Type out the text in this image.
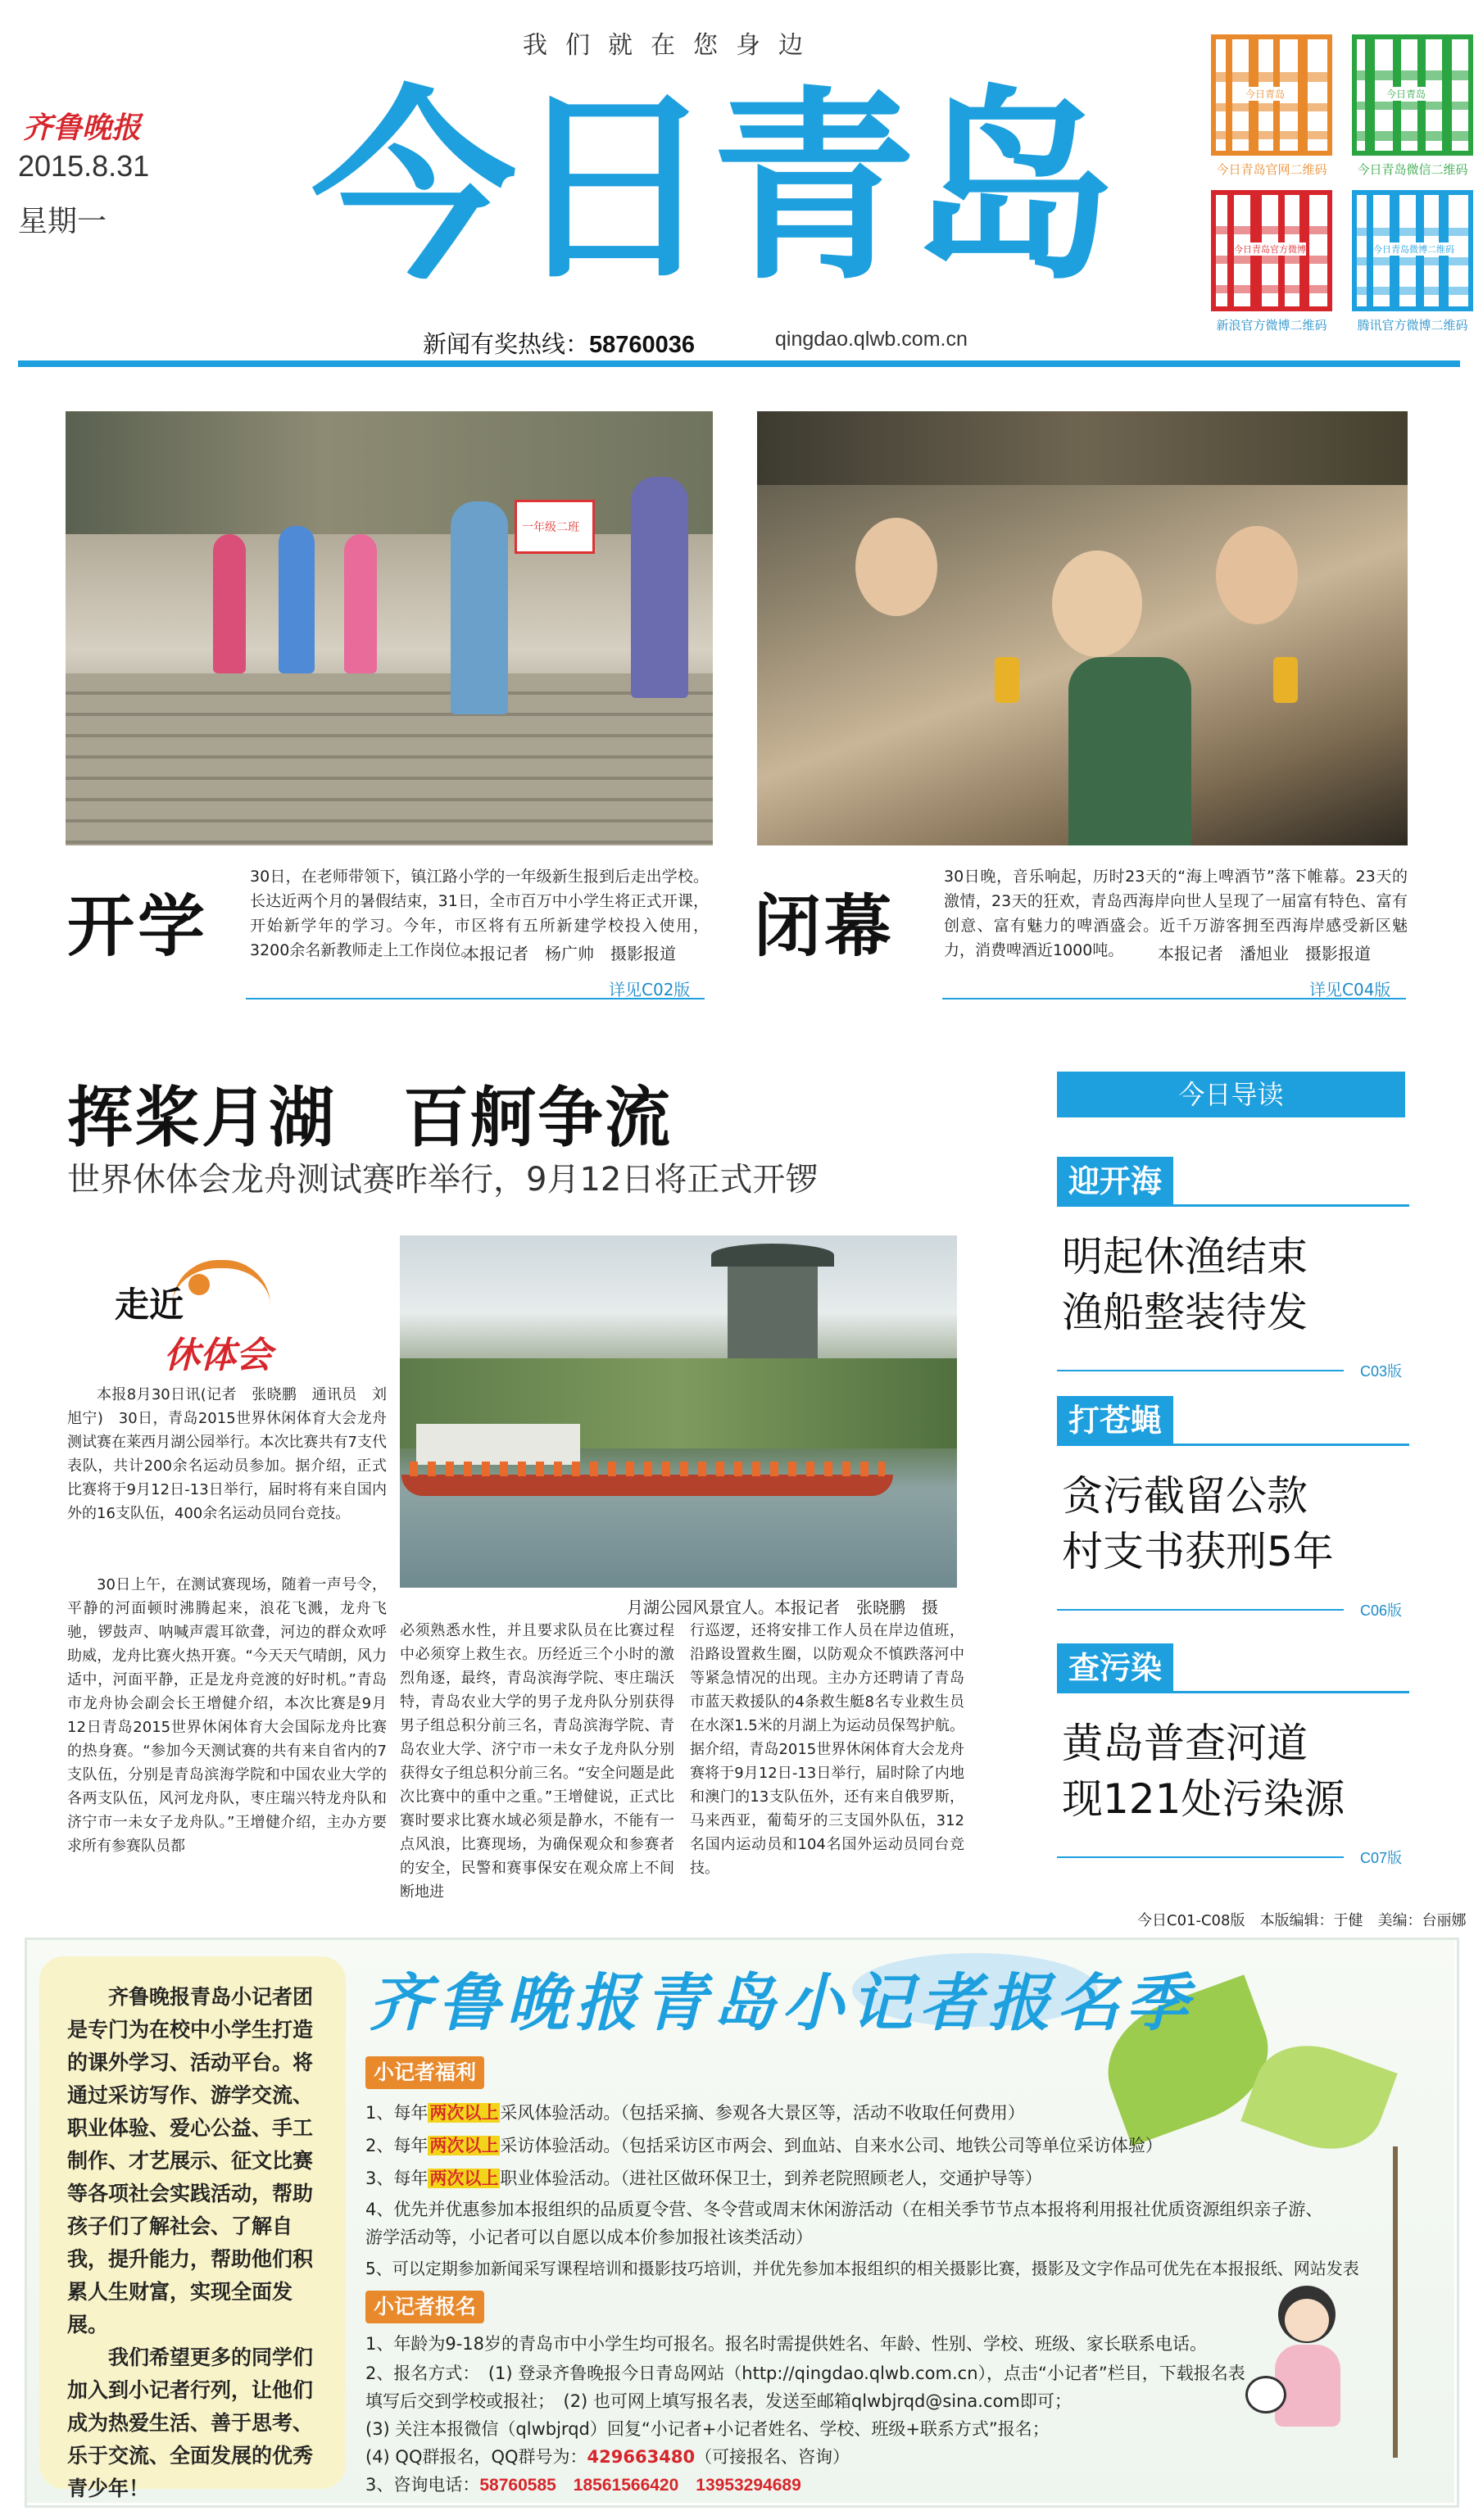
我们就在您身边
齐鲁晚报
2015.8.31
星期一 今日青岛
新闻有奖热线：58760036	qingdao.qlwb.com.cn
今日青岛
今日青岛官网二维码
今日青岛
今日青岛微信二维码
今日青岛官方微博
新浪官方微博二维码
今日青岛微博二维码
腾讯官方微博二维码
一年级二班
开学
30日，在老师带领下，镇江路小学的一年级新生报到后走出学校。长达近两个月的暑假结束，31日，全市百万中小学生将正式开课，开始新学年的学习。今年，市区将有五所新建学校投入使用，3200余名新教师走上工作岗位。
本报记者　杨广帅　摄影报道
详见C02版
闭幕
30日晚，音乐响起，历时23天的“海上啤酒节”落下帷幕。23天的激情，23天的狂欢，青岛西海岸向世人呈现了一届富有特色、富有创意、富有魅力的啤酒盛会。近千万游客拥至西海岸感受新区魅力，消费啤酒近1000吨。	本报记者　潘旭业　摄影报道
详见C04版
挥桨月湖　百舸争流
世界休体会龙舟测试赛昨举行，9月12日将正式开锣
走近
休体会
月湖公园风景宜人。本报记者　张晓鹏　摄
本报8月30日讯(记者　张晓鹏　通讯员　刘旭宁)　30日，青岛2015世界休闲体育大会龙舟测试赛在莱西月湖公园举行。本次比赛共有7支代表队，共计200余名运动员参加。据介绍，正式比赛将于9月12日-13日举行，届时将有来自国内外的16支队伍，400余名运动员同台竞技。
30日上午，在测试赛现场，随着一声号令，平静的河面顿时沸腾起来，浪花飞溅，龙舟飞驰，锣鼓声、呐喊声震耳欲聋，河边的群众欢呼助威，龙舟比赛火热开赛。“今天天气晴朗，风力适中，河面平静，正是龙舟竞渡的好时机。”青岛市龙舟协会副会长王增健介绍，本次比赛是9月12日青岛2015世界休闲体育大会国际龙舟比赛的热身赛。“参加今天测试赛的共有来自省内的7支队伍，分别是青岛滨海学院和中国农业大学的各两支队伍，风河龙舟队，枣庄瑞兴特龙舟队和济宁市一未女子龙舟队。”王增健介绍，主办方要求所有参赛队员都
必须熟悉水性，并且要求队员在比赛过程中必须穿上救生衣。历经近三个小时的激烈角逐，最终，青岛滨海学院、枣庄瑞沃特，青岛农业大学的男子龙舟队分别获得男子组总积分前三名，青岛滨海学院、青岛农业大学、济宁市一未女子龙舟队分别获得女子组总积分前三名。“安全问题是此次比赛中的重中之重。”王增健说，正式比赛时要求比赛水域必须是静水，不能有一点风浪，比赛现场，为确保观众和参赛者的安全，民警和赛事保安在观众席上不间断地进
行巡逻，还将安排工作人员在岸边值班，沿路设置救生圈，以防观众不慎跌落河中等紧急情况的出现。主办方还聘请了青岛市蓝天救援队的4条救生艇8名专业救生员在水深1.5米的月湖上为运动员保驾护航。据介绍，青岛2015世界休闲体育大会龙舟赛将于9月12日-13日举行，届时除了内地和澳门的13支队伍外，还有来自俄罗斯，马来西亚，葡萄牙的三支国外队伍，312名国内运动员和104名国外运动员同台竞技。
今日导读
迎开海
明起休渔结束
渔船整装待发
C03版
打苍蝇
贪污截留公款
村支书获刑5年
C06版
查污染
黄岛普查河道
现121处污染源
C07版
今日C01-C08版　本版编辑：于健　美编：台丽娜
齐鲁晚报青岛小记者团是专门为在校中小学生打造的课外学习、活动平台。将通过采访写作、游学交流、职业体验、爱心公益、手工制作、才艺展示、征文比赛等各项社会实践活动，帮助孩子们了解社会、了解自我，提升能力，帮助他们积累人生财富，实现全面发展。
我们希望更多的同学们加入到小记者行列，让他们成为热爱生活、善于思考、乐于交流、全面发展的优秀青少年！
齐鲁晚报青岛小记者报名季
小记者福利
1、每年两次以上采风体验活动。（包括采摘、参观各大景区等，活动不收取任何费用）
2、每年两次以上采访体验活动。（包括采访区市两会、到血站、自来水公司、地铁公司等单位采访体验）
3、每年两次以上职业体验活动。（进社区做环保卫士，到养老院照顾老人，交通护导等）
4、优先并优惠参加本报组织的品质夏令营、冬令营或周末休闲游活动（在相关季节节点本报将利用报社优质资源组织亲子游、
游学活动等，小记者可以自愿以成本价参加报社该类活动）
5、可以定期参加新闻采写课程培训和摄影技巧培训，并优先参加本报组织的相关摄影比赛，摄影及文字作品可优先在本报报纸、网站发表
小记者报名
1、年龄为9-18岁的青岛市中小学生均可报名。报名时需提供姓名、年龄、性别、学校、班级、家长联系电话。
2、报名方式：　(1) 登录齐鲁晚报今日青岛网站（http://qingdao.qlwb.com.cn），点击“小记者”栏目，下载报名表
填写后交到学校或报社；　(2) 也可网上填写报名表，发送至邮箱qlwbjrqd@sina.com即可；
(3) 关注本报微信（qlwbjrqd）回复“小记者+小记者姓名、学校、班级+联系方式”报名；
(4) QQ群报名，QQ群号为：429663480（可接报名、咨询）
3、咨询电话：58760585　18561566420　13953294689
